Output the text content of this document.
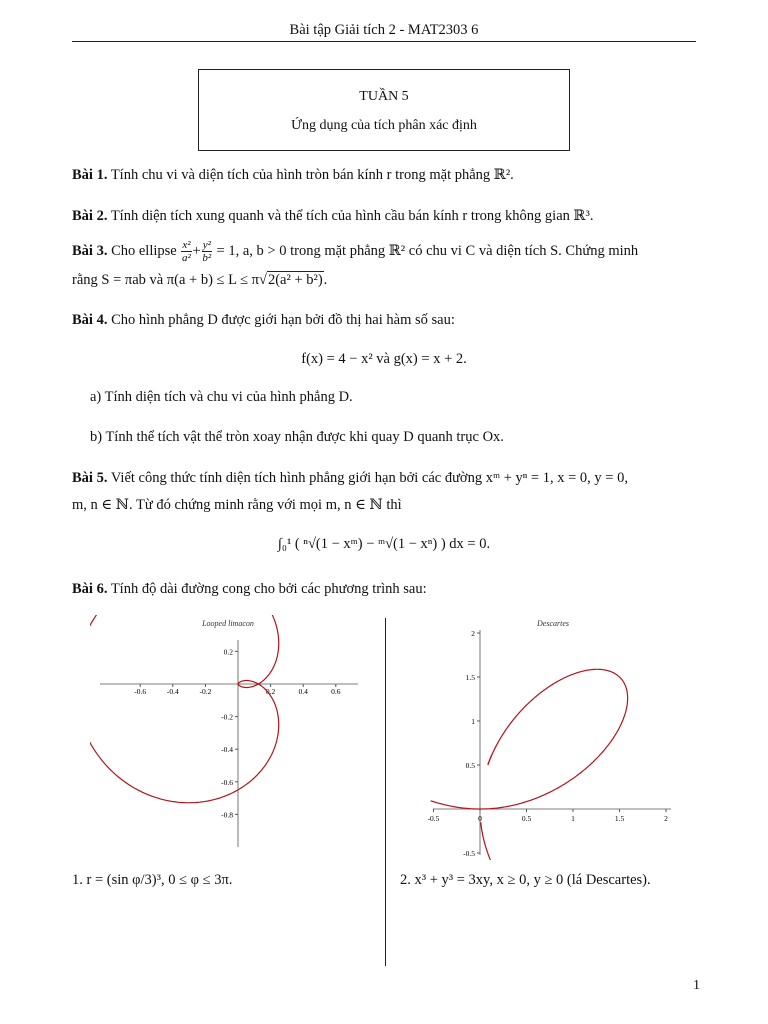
Bài tập Giải tích 2 - MAT2303 6
TUẦN 5
Ứng dụng của tích phân xác định
Bài 1. Tính chu vi và diện tích của hình tròn bán kính r trong mặt phẳng ℝ².
Bài 2. Tính diện tích xung quanh và thể tích của hình cầu bán kính r trong không gian ℝ³.
Bài 3. Cho ellipse $\frac{\text{x²}}{\text{a²}} + \frac{\text{y²}}{\text{b²}} = 1$, a, b > 0 trong mặt phẳng ℝ² có chu vi C và diện tích S. Chứng minh
rằng S = πab và π(a + b) ≤ L ≤ π√2(a² + b²).
Bài 4. Cho hình phẳng D được giới hạn bởi đồ thị hai hàm số sau:
f(x) = 4 − x² và g(x) = x + 2.
a) Tính diện tích và chu vi của hình phẳng D.
b) Tính thể tích vật thể tròn xoay nhận được khi quay D quanh trục Ox.
Bài 5. Viết công thức tính diện tích hình phẳng giới hạn bởi các đường xᵐ + yⁿ = 1, x = 0, y = 0,
m, n ∈ ℕ. Từ đó chứng minh rằng với mọi m, n ∈ ℕ thì
∫₀¹ ( ⁿ√(1 − xᵐ) − ᵐ√(1 − xⁿ) ) dx = 0.
Bài 6. Tính độ dài đường cong cho bởi các phương trình sau:
Looped limacon
-0.6	-0.4	-0.2	0.2	0.4	0.6
0.2
-0.2
-0.4
-0.6
-0.8
Descartes
-0.5	0	0.5	1	1.5	2
2
1.5
1
0.5
-0.5
1. r = (sin φ/3)³, 0 ≤ φ ≤ 3π.	2. x³ + y³ = 3xy, x ≥ 0, y ≥ 0 (lá Descartes).
1
